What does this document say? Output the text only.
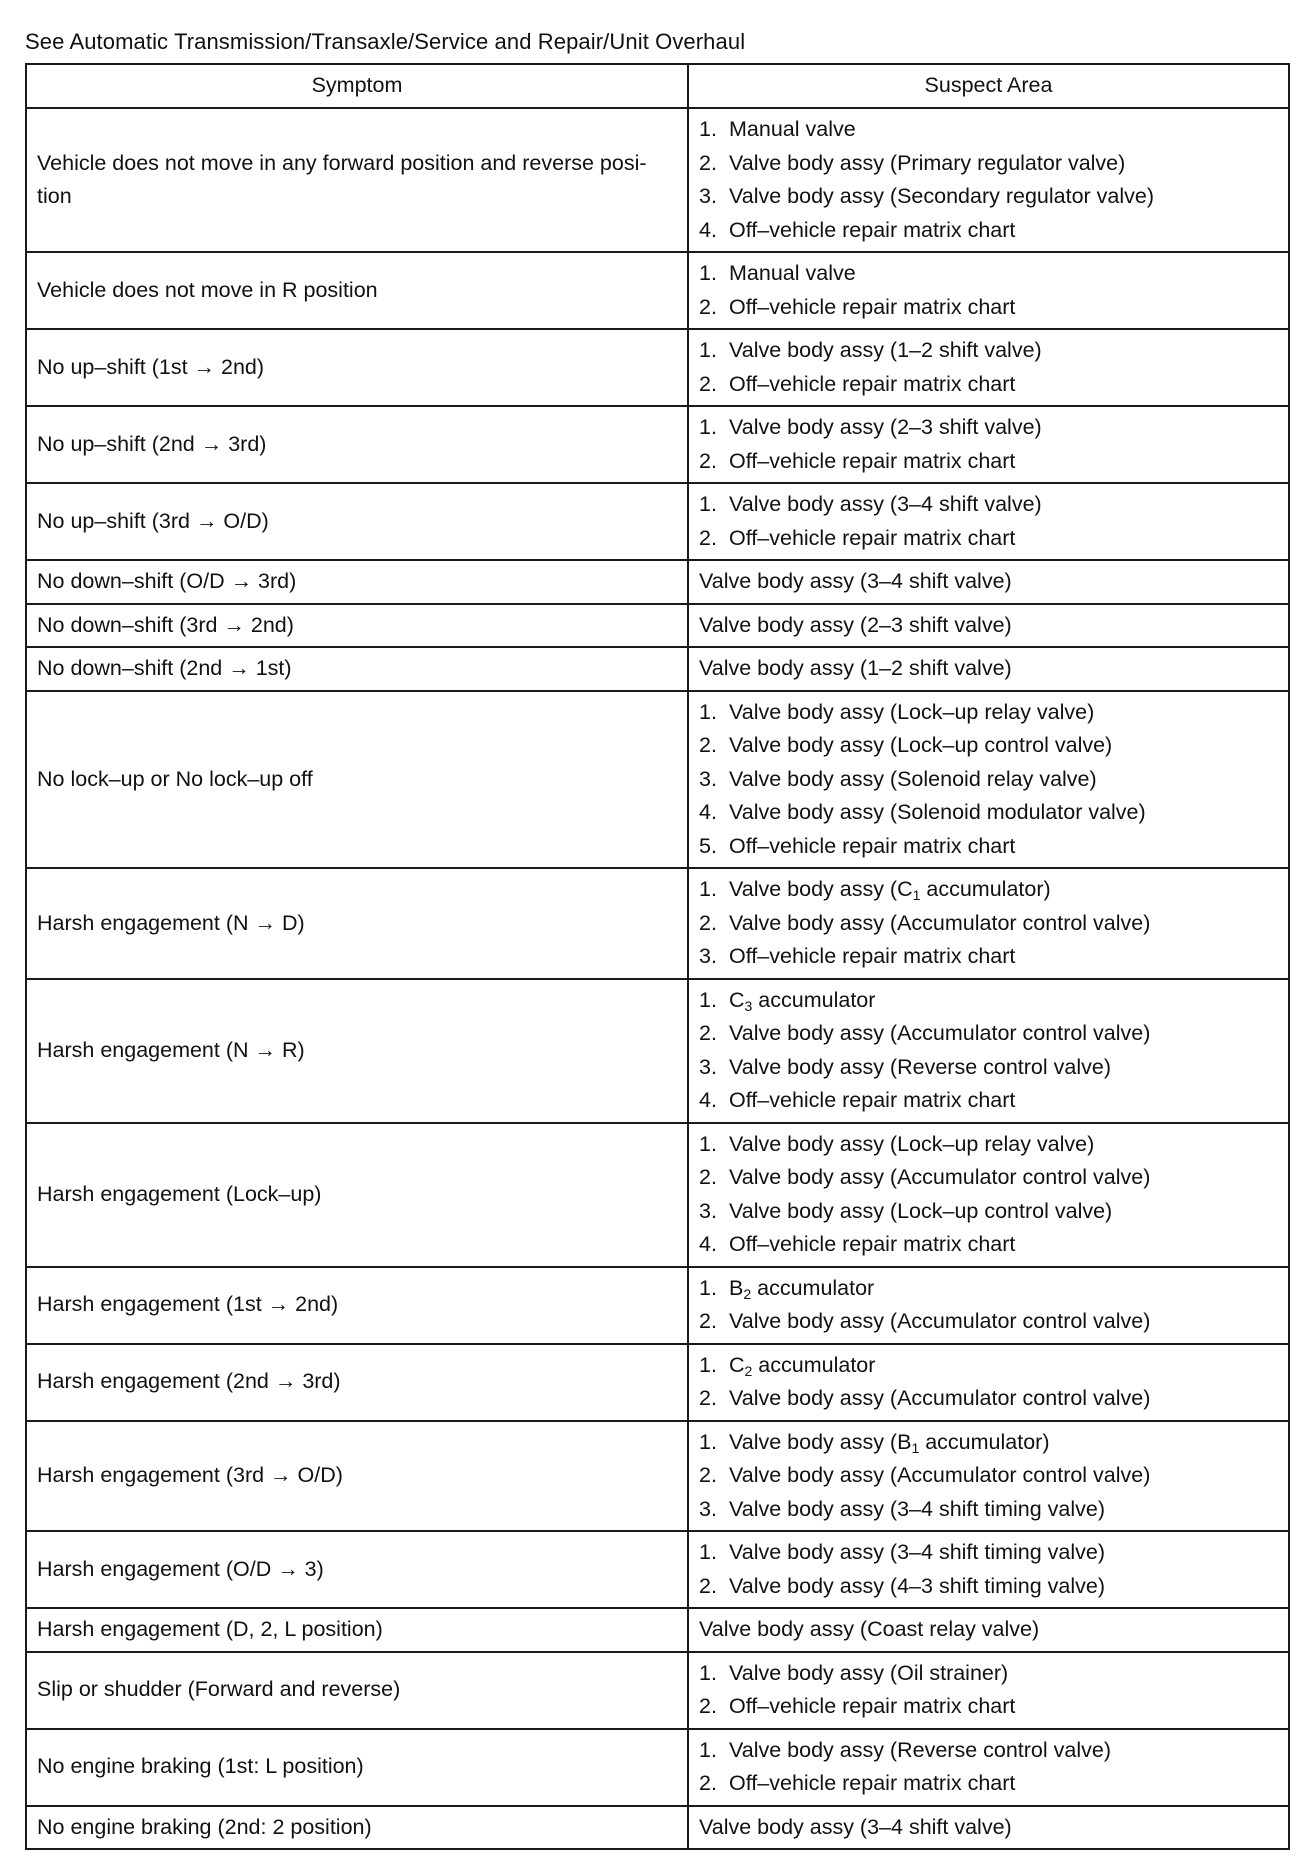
See Automatic Transmission/Transaxle/Service and Repair/Unit Overhaul
Symptom	Suspect Area

Vehicle does not move in any forward position and reverse posi-
tion	1. Manual valve
2. Valve body assy (Primary regulator valve)
3. Valve body assy (Secondary regulator valve)
4. Off–vehicle repair matrix chart

Vehicle does not move in R position	1. Manual valve
2. Off–vehicle repair matrix chart

No up–shift (1st → 2nd)	1. Valve body assy (1–2 shift valve)
2. Off–vehicle repair matrix chart

No up–shift (2nd → 3rd)	1. Valve body assy (2–3 shift valve)
2. Off–vehicle repair matrix chart

No up–shift (3rd → O/D)	1. Valve body assy (3–4 shift valve)
2. Off–vehicle repair matrix chart

No down–shift (O/D → 3rd)	Valve body assy (3–4 shift valve)

No down–shift (3rd → 2nd)	Valve body assy (2–3 shift valve)

No down–shift (2nd → 1st)	Valve body assy (1–2 shift valve)

No lock–up or No lock–up off	1. Valve body assy (Lock–up relay valve)
2. Valve body assy (Lock–up control valve)
3. Valve body assy (Solenoid relay valve)
4. Valve body assy (Solenoid modulator valve)
5. Off–vehicle repair matrix chart

Harsh engagement (N → D)	1. Valve body assy ($C_1$ accumulator)
2. Valve body assy (Accumulator control valve)
3. Off–vehicle repair matrix chart

Harsh engagement (N → R)	1. $C_3$ accumulator
2. Valve body assy (Accumulator control valve)
3. Valve body assy (Reverse control valve)
4. Off–vehicle repair matrix chart

Harsh engagement (Lock–up)	1. Valve body assy (Lock–up relay valve)
2. Valve body assy (Accumulator control valve)
3. Valve body assy (Lock–up control valve)
4. Off–vehicle repair matrix chart

Harsh engagement (1st → 2nd)	1. $B_2$ accumulator
2. Valve body assy (Accumulator control valve)

Harsh engagement (2nd → 3rd)	1. $C_2$ accumulator
2. Valve body assy (Accumulator control valve)

Harsh engagement (3rd → O/D)	1. Valve body assy ($B_1$ accumulator)
2. Valve body assy (Accumulator control valve)
3. Valve body assy (3–4 shift timing valve)

Harsh engagement (O/D → 3)	1. Valve body assy (3–4 shift timing valve)
2. Valve body assy (4–3 shift timing valve)

Harsh engagement (D, 2, L position)	Valve body assy (Coast relay valve)

Slip or shudder (Forward and reverse)	1. Valve body assy (Oil strainer)
2. Off–vehicle repair matrix chart

No engine braking (1st: L position)	1. Valve body assy (Reverse control valve)
2. Off–vehicle repair matrix chart

No engine braking (2nd: 2 position)	Valve body assy (3–4 shift valve)
